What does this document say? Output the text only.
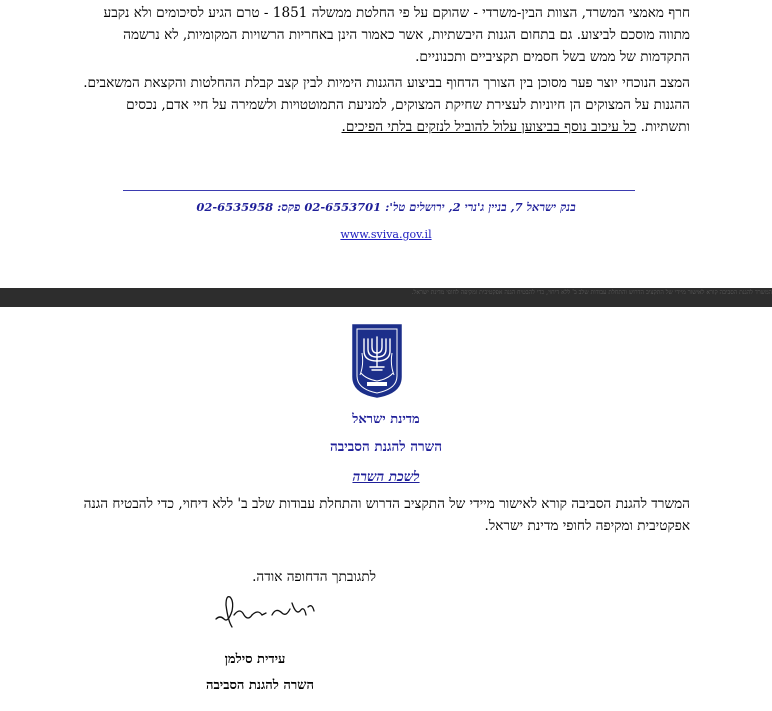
חרף מאמצי המשרד, הצוות הבין-משרדי - שהוקם על פי החלטת ממשלה 1851 - טרם הגיע לסיכומים ולא נקבע מתווה מוסכם לביצוע. גם בתחום הגנות היבשתיות, אשר כאמור הינן באחריות הרשויות המקומיות, לא נרשמה התקדמות של ממש בשל חסמים תקציביים ותכנוניים.

המצב הנוכחי יוצר פער מסוכן בין הצורך הדחוף בביצוע ההגנות הימיות לבין קצב קבלת ההחלטות והקצאת המשאבים. ההגנות על המצוקים הן חיוניות לעצירת שחיקת המצוקים, למניעת התמוטטויות ולשמירה על חיי אדם, נכסים ותשתיות. כל עיכוב נוסף בביצוען עלול להוביל לנזקים בלתי הפיכים.

בנק ישראל 7, בניין ג'נרי 2, ירושלים טל': 02-6553701 פקס: 02-6535958
www.sviva.gov.il
המשרד להגנת הסביבה קורא לאישור מיידי של התקציב הדרוש והתחלת עבודות שלב ב' ללא דיחוי, כדי להבטיח הגנה אפקטיבית ומקיפה לחופי מדינת ישראל.
מדינת ישראל
השרה להגנת הסביבה
לשכת השרה

המשרד להגנת הסביבה קורא לאישור מיידי של התקציב הדרוש והתחלת עבודות שלב ב' ללא דיחוי, כדי להבטיח הגנה אפקטיבית ומקיפה לחופי מדינת ישראל.

לתגובתך הדחופה אודה.
עידית סילמן
השרה להגנת הסביבה
